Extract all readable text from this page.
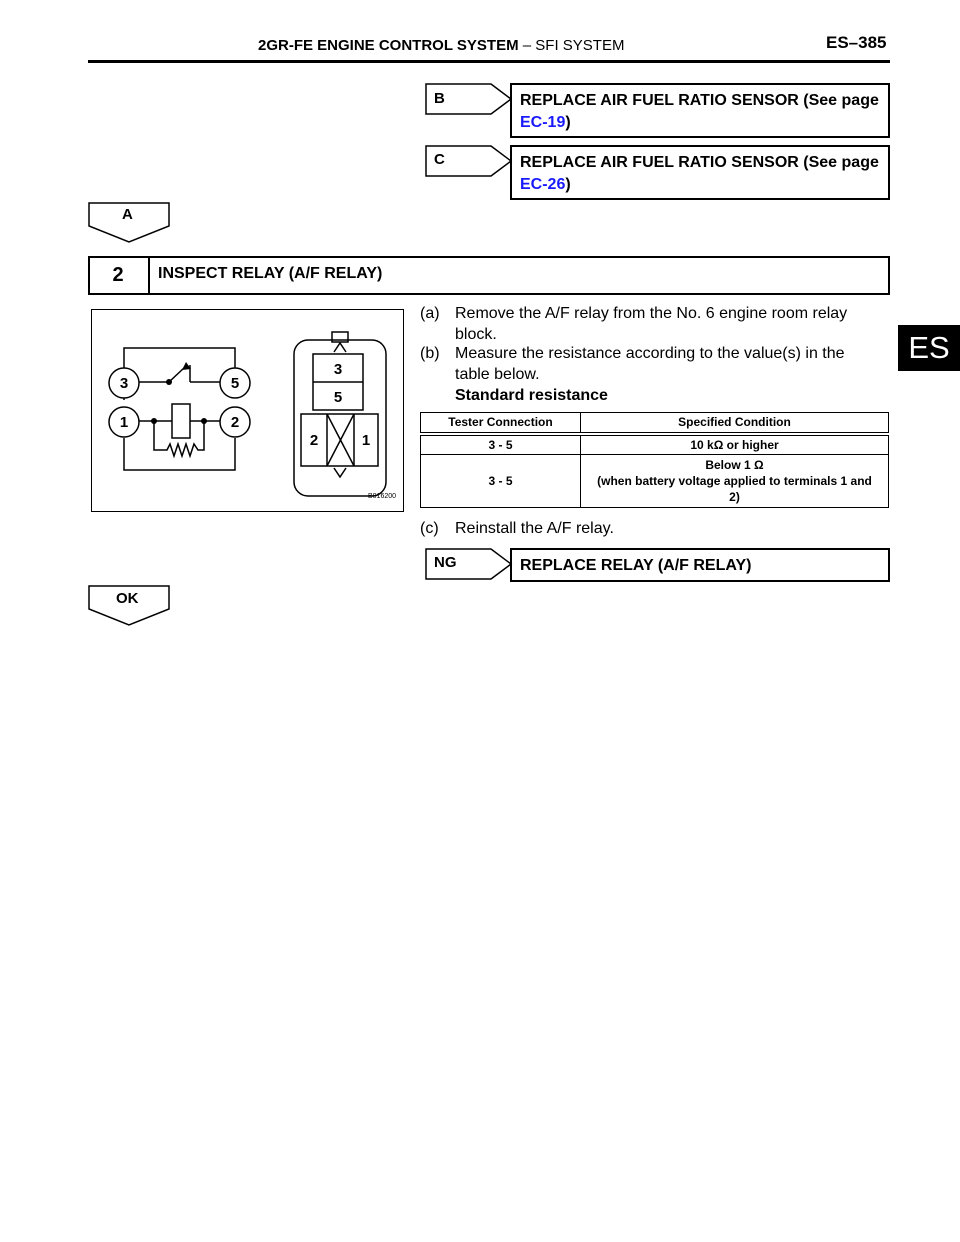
2GR-FE ENGINE CONTROL SYSTEM – SFI SYSTEM	ES–385
ES
B	REPLACE AIR FUEL RATIO SENSOR (See page EC-19)
C	REPLACE AIR FUEL RATIO SENSOR (See page EC-26)
A
2	INSPECT RELAY (A/F RELAY)
3	5
1	2
3
5
2	1
B016200
(a) Remove the A/F relay from the No. 6 engine room relay
block.
(b) Measure the resistance according to the value(s) in the
table below.
Standard resistance
Tester Connection	Specified Condition
3 - 5	10 kΩ or higher
3 - 5	Below 1 Ω
(when battery voltage applied to terminals 1 and 2)
(c) Reinstall the A/F relay.
NG	REPLACE RELAY (A/F RELAY)
OK
